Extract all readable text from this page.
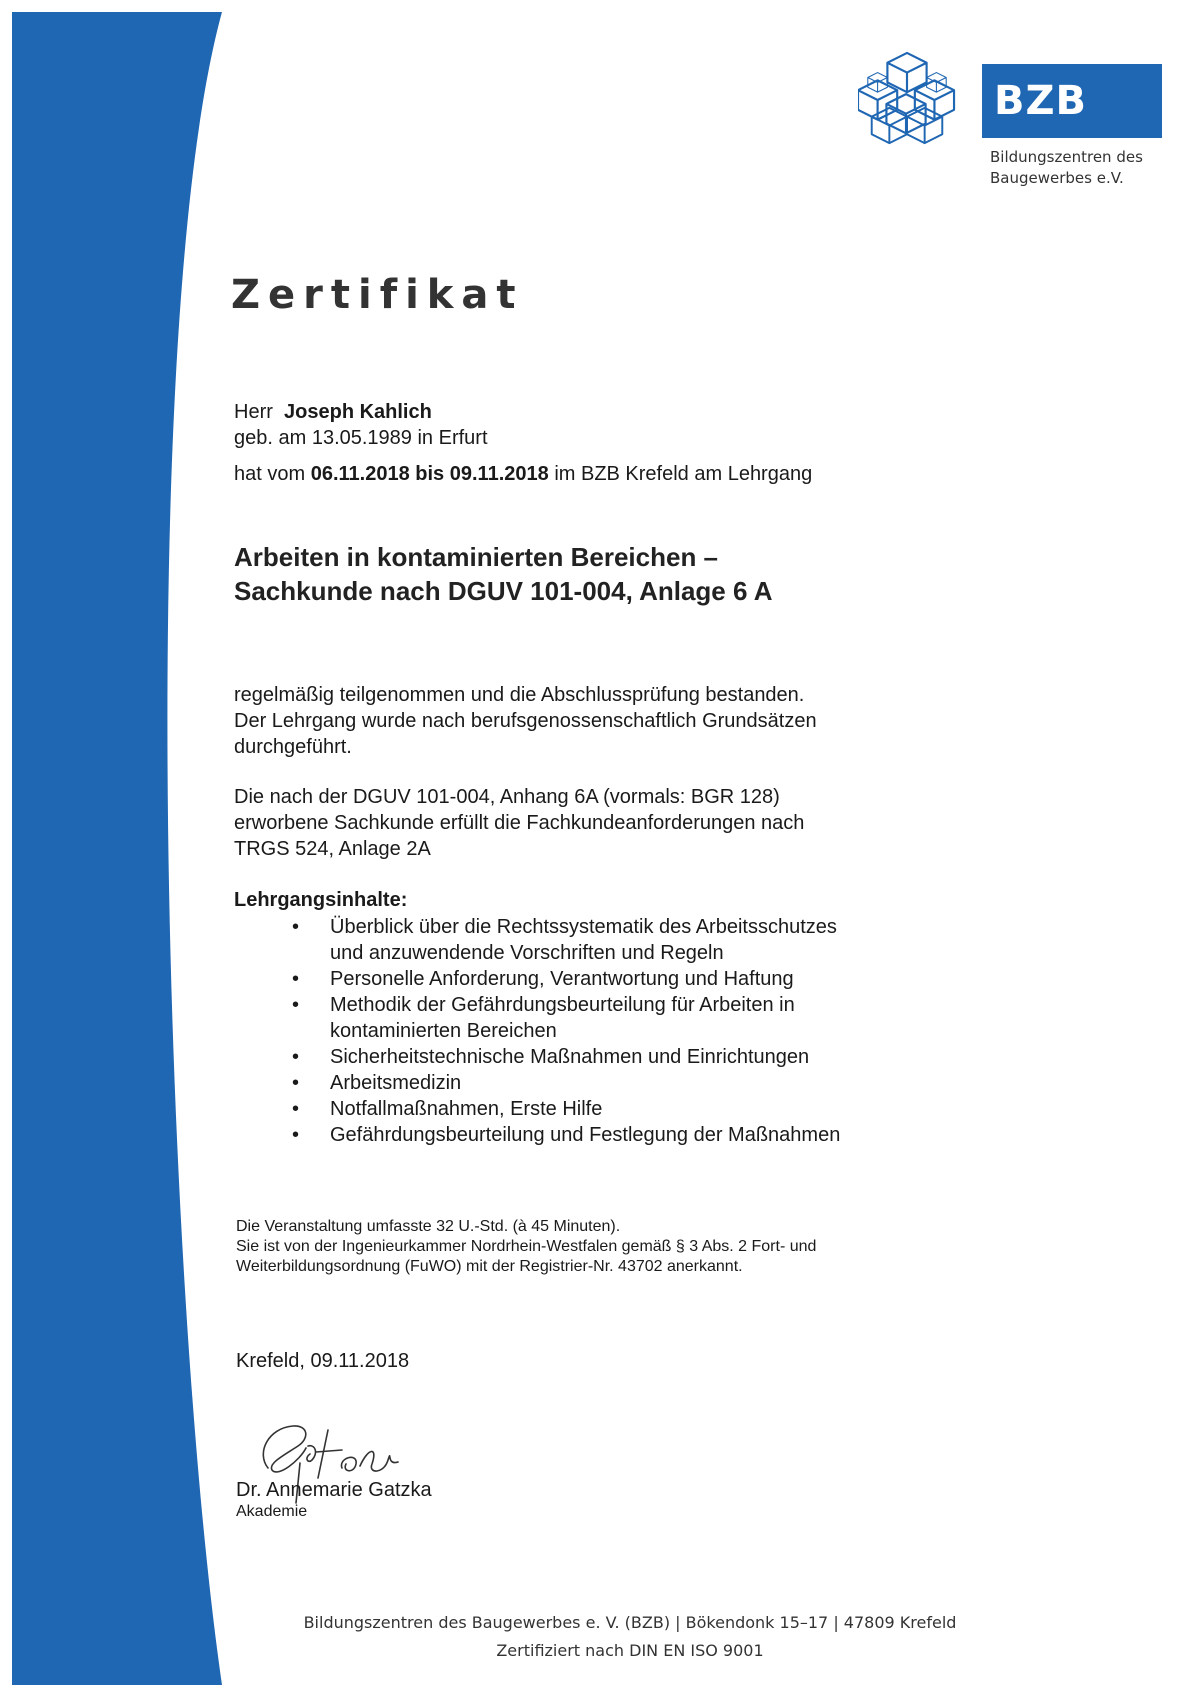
BZB
Bildungszentren des
Baugewerbes e.V.
Zertifikat

Herr Joseph Kahlich

geb. am 13.05.1989 in Erfurt

hat vom 06.11.2018 bis 09.11.2018 im BZB Krefeld am Lehrgang

Arbeiten in kontaminierten Bereichen –
Sachkunde nach DGUV 101-004, Anlage 6 A

regelmäßig teilgenommen und die Abschlussprüfung bestanden.

Der Lehrgang wurde nach berufsgenossenschaftlich Grundsätzen

durchgeführt.

Die nach der DGUV 101-004, Anhang 6A (vormals: BGR 128)

erworbene Sachkunde erfüllt die Fachkundeanforderungen nach

TRGS 524, Anlage 2A

Lehrgangsinhalte:
• Überblick über die Rechtssystematik des Arbeitsschutzes
und anzuwendende Vorschriften und Regeln
• Personelle Anforderung, Verantwortung und Haftung
• Methodik der Gefährdungsbeurteilung für Arbeiten in
kontaminierten Bereichen
• Sicherheitstechnische Maßnahmen und Einrichtungen
• Arbeitsmedizin
• Notfallmaßnahmen, Erste Hilfe
• Gefährdungsbeurteilung und Festlegung der Maßnahmen

Die Veranstaltung umfasste 32 U.-Std. (à 45 Minuten).

Sie ist von der Ingenieurkammer Nordrhein-Westfalen gemäß § 3 Abs. 2 Fort- und

Weiterbildungsordnung (FuWO) mit der Registrier-Nr. 43702 anerkannt.

Krefeld, 09.11.2018
Dr. Annemarie Gatzka
Akademie

Bildungszentren des Baugewerbes e. V. (BZB) | Bökendonk 15–17 | 47809 Krefeld

Zertifiziert nach DIN EN ISO 9001
